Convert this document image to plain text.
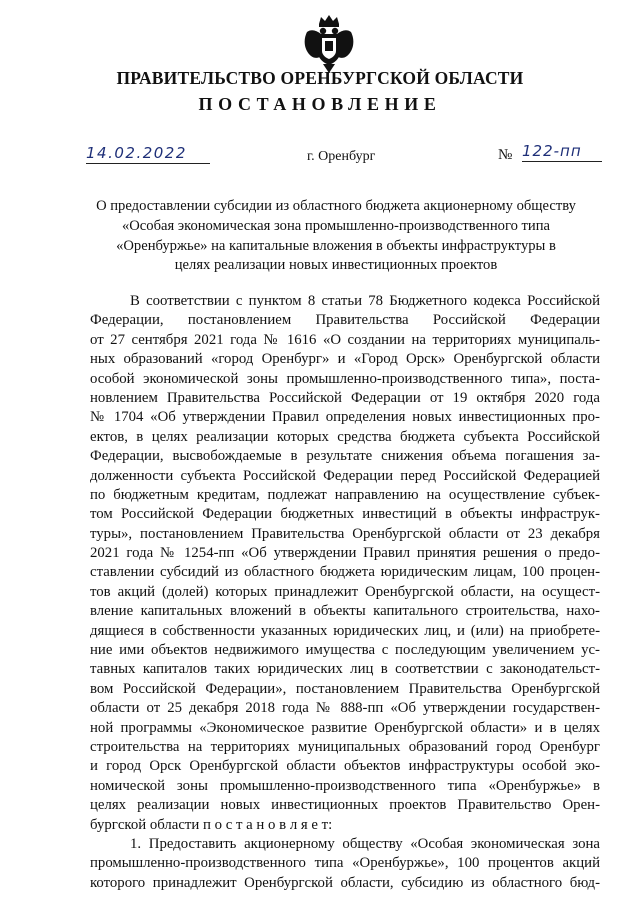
ПРАВИТЕЛЬСТВО ОРЕНБУРГСКОЙ ОБЛАСТИ
ПОСТАНОВЛЕНИЕ
14.02.2022	г. Оренбург	№ 122-пп
О предоставлении субсидии из областного бюджета акционерному обществу
«Особая экономическая зона промышленно-производственного типа
«Оренбуржье» на капитальные вложения в объекты инфраструктуры в
целях реализации новых инвестиционных проектов
В соответствии с пунктом 8 статьи 78 Бюджетного кодекса Российской
Федерации, постановлением Правительства Российской Федерации
от 27 сентября 2021 года № 1616 «О создании на территориях муниципаль-
ных образований «город Оренбург» и «Город Орск» Оренбургской области
особой экономической зоны промышленно-производственного типа», поста-
новлением Правительства Российской Федерации от 19 октября 2020 года
№ 1704 «Об утверждении Правил определения новых инвестиционных про-
ектов, в целях реализации которых средства бюджета субъекта Российской
Федерации, высвобождаемые в результате снижения объема погашения за-
долженности субъекта Российской Федерации перед Российской Федерацией
по бюджетным кредитам, подлежат направлению на осуществление субъек-
том Российской Федерации бюджетных инвестиций в объекты инфраструк-
туры», постановлением Правительства Оренбургской области от 23 декабря
2021 года № 1254-пп «Об утверждении Правил принятия решения о предо-
ставлении субсидий из областного бюджета юридическим лицам, 100 процен-
тов акций (долей) которых принадлежит Оренбургской области, на осущест-
вление капитальных вложений в объекты капитального строительства, нахо-
дящиеся в собственности указанных юридических лиц, и (или) на приобрете-
ние ими объектов недвижимого имущества с последующим увеличением ус-
тавных капиталов таких юридических лиц в соответствии с законодательст-
вом Российской Федерации», постановлением Правительства Оренбургской
области от 25 декабря 2018 года № 888-пп «Об утверждении государствен-
ной программы «Экономическое развитие Оренбургской области» и в целях
строительства на территориях муниципальных образований город Оренбург
и город Орск Оренбургской области объектов инфраструктуры особой эко-
номической зоны промышленно-производственного типа «Оренбуржье» в
целях реализации новых инвестиционных проектов Правительство Орен-
бургской области п о с т а н о в л я е т:
1. Предоставить акционерному обществу «Особая экономическая зона
промышленно-производственного типа «Оренбуржье», 100 процентов акций
которого принадлежит Оренбургской области, субсидию из областного бюд-
